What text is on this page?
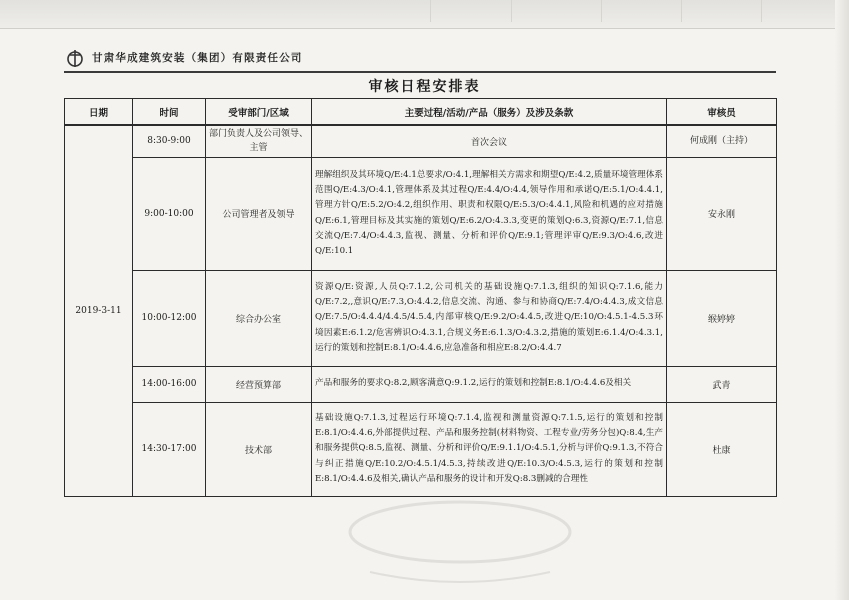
甘肃华成建筑安装（集团）有限责任公司
审核日程安排表
日期	时间	受审部门/区域	主要过程/活动/产品（服务）及涉及条款	审核员
2019-3-11	8:30-9:00	部门负责人及公司领导、主管	首次会议	何成刚（主持）
	9:00-10:00	公司管理者及领导	理解组织及其环境Q/E:4.1总要求/O:4.1,理解相关方需求和期望Q/E:4.2,质量环境管理体系范围Q/E:4.3/O:4.1,管理体系及其过程Q/E:4.4/O:4.4,领导作用和承诺Q/E:5.1/O:4.4.1,管理方针Q/E:5.2/O:4.2,组织作用、职责和权限Q/E:5.3/O:4.4.1,风险和机遇的应对措施Q/E:6.1,管理目标及其实施的策划Q/E:6.2/O:4.3.3,变更的策划Q:6.3,资源Q/E:7.1,信息交流Q/E:7.4/O:4.4.3,监视、测量、分析和评价Q/E:9.1;管理评审Q/E:9.3/O:4.6,改进Q/E:10.1	安永刚
	10:00-12:00	综合办公室	资源Q/E:资源,人员Q:7.1.2,公司机关的基础设施Q:7.1.3,组织的知识Q:7.1.6,能力Q/E:7.2,,意识Q/E:7.3,O:4.4.2,信息交流、沟通、参与和协商Q/E:7.4/O:4.4.3,成文信息Q/E:7.5/O:4.4.4/4.4.5/4.5.4,内部审核Q/E:9.2/O:4.4.5,改进Q/E:10/O:4.5.1-4.5.3环境因素E:6.1.2/危害辨识O:4.3.1,合规义务E:6.1.3/O:4.3.2,措施的策划E:6.1.4/O:4.3.1,运行的策划和控制E:8.1/O:4.4.6,应急准备和相应E:8.2/O:4.4.7	缑婷婷
	14:00-16:00	经营预算部	产品和服务的要求Q:8.2,顾客满意Q:9.1.2,运行的策划和控制E:8.1/O:4.4.6及相关	武青
	14:30-17:00	技术部	基础设施Q:7.1.3,过程运行环境Q:7.1.4,监视和测量资源Q:7.1.5,运行的策划和控制E:8.1/O:4.4.6,外部提供过程、产品和服务控制(材料物资、工程专业/劳务分包)Q:8.4,生产和服务提供Q:8.5,监视、测量、分析和评价Q/E:9.1.1/O:4.5.1,分析与评价Q:9.1.3,不符合与纠正措施Q/E:10.2/O:4.5.1/4.5.3,持续改进Q/E:10.3/O:4.5.3,运行的策划和控制E:8.1/O:4.4.6及相关,确认产品和服务的设计和开发Q:8.3删减的合理性	杜康
